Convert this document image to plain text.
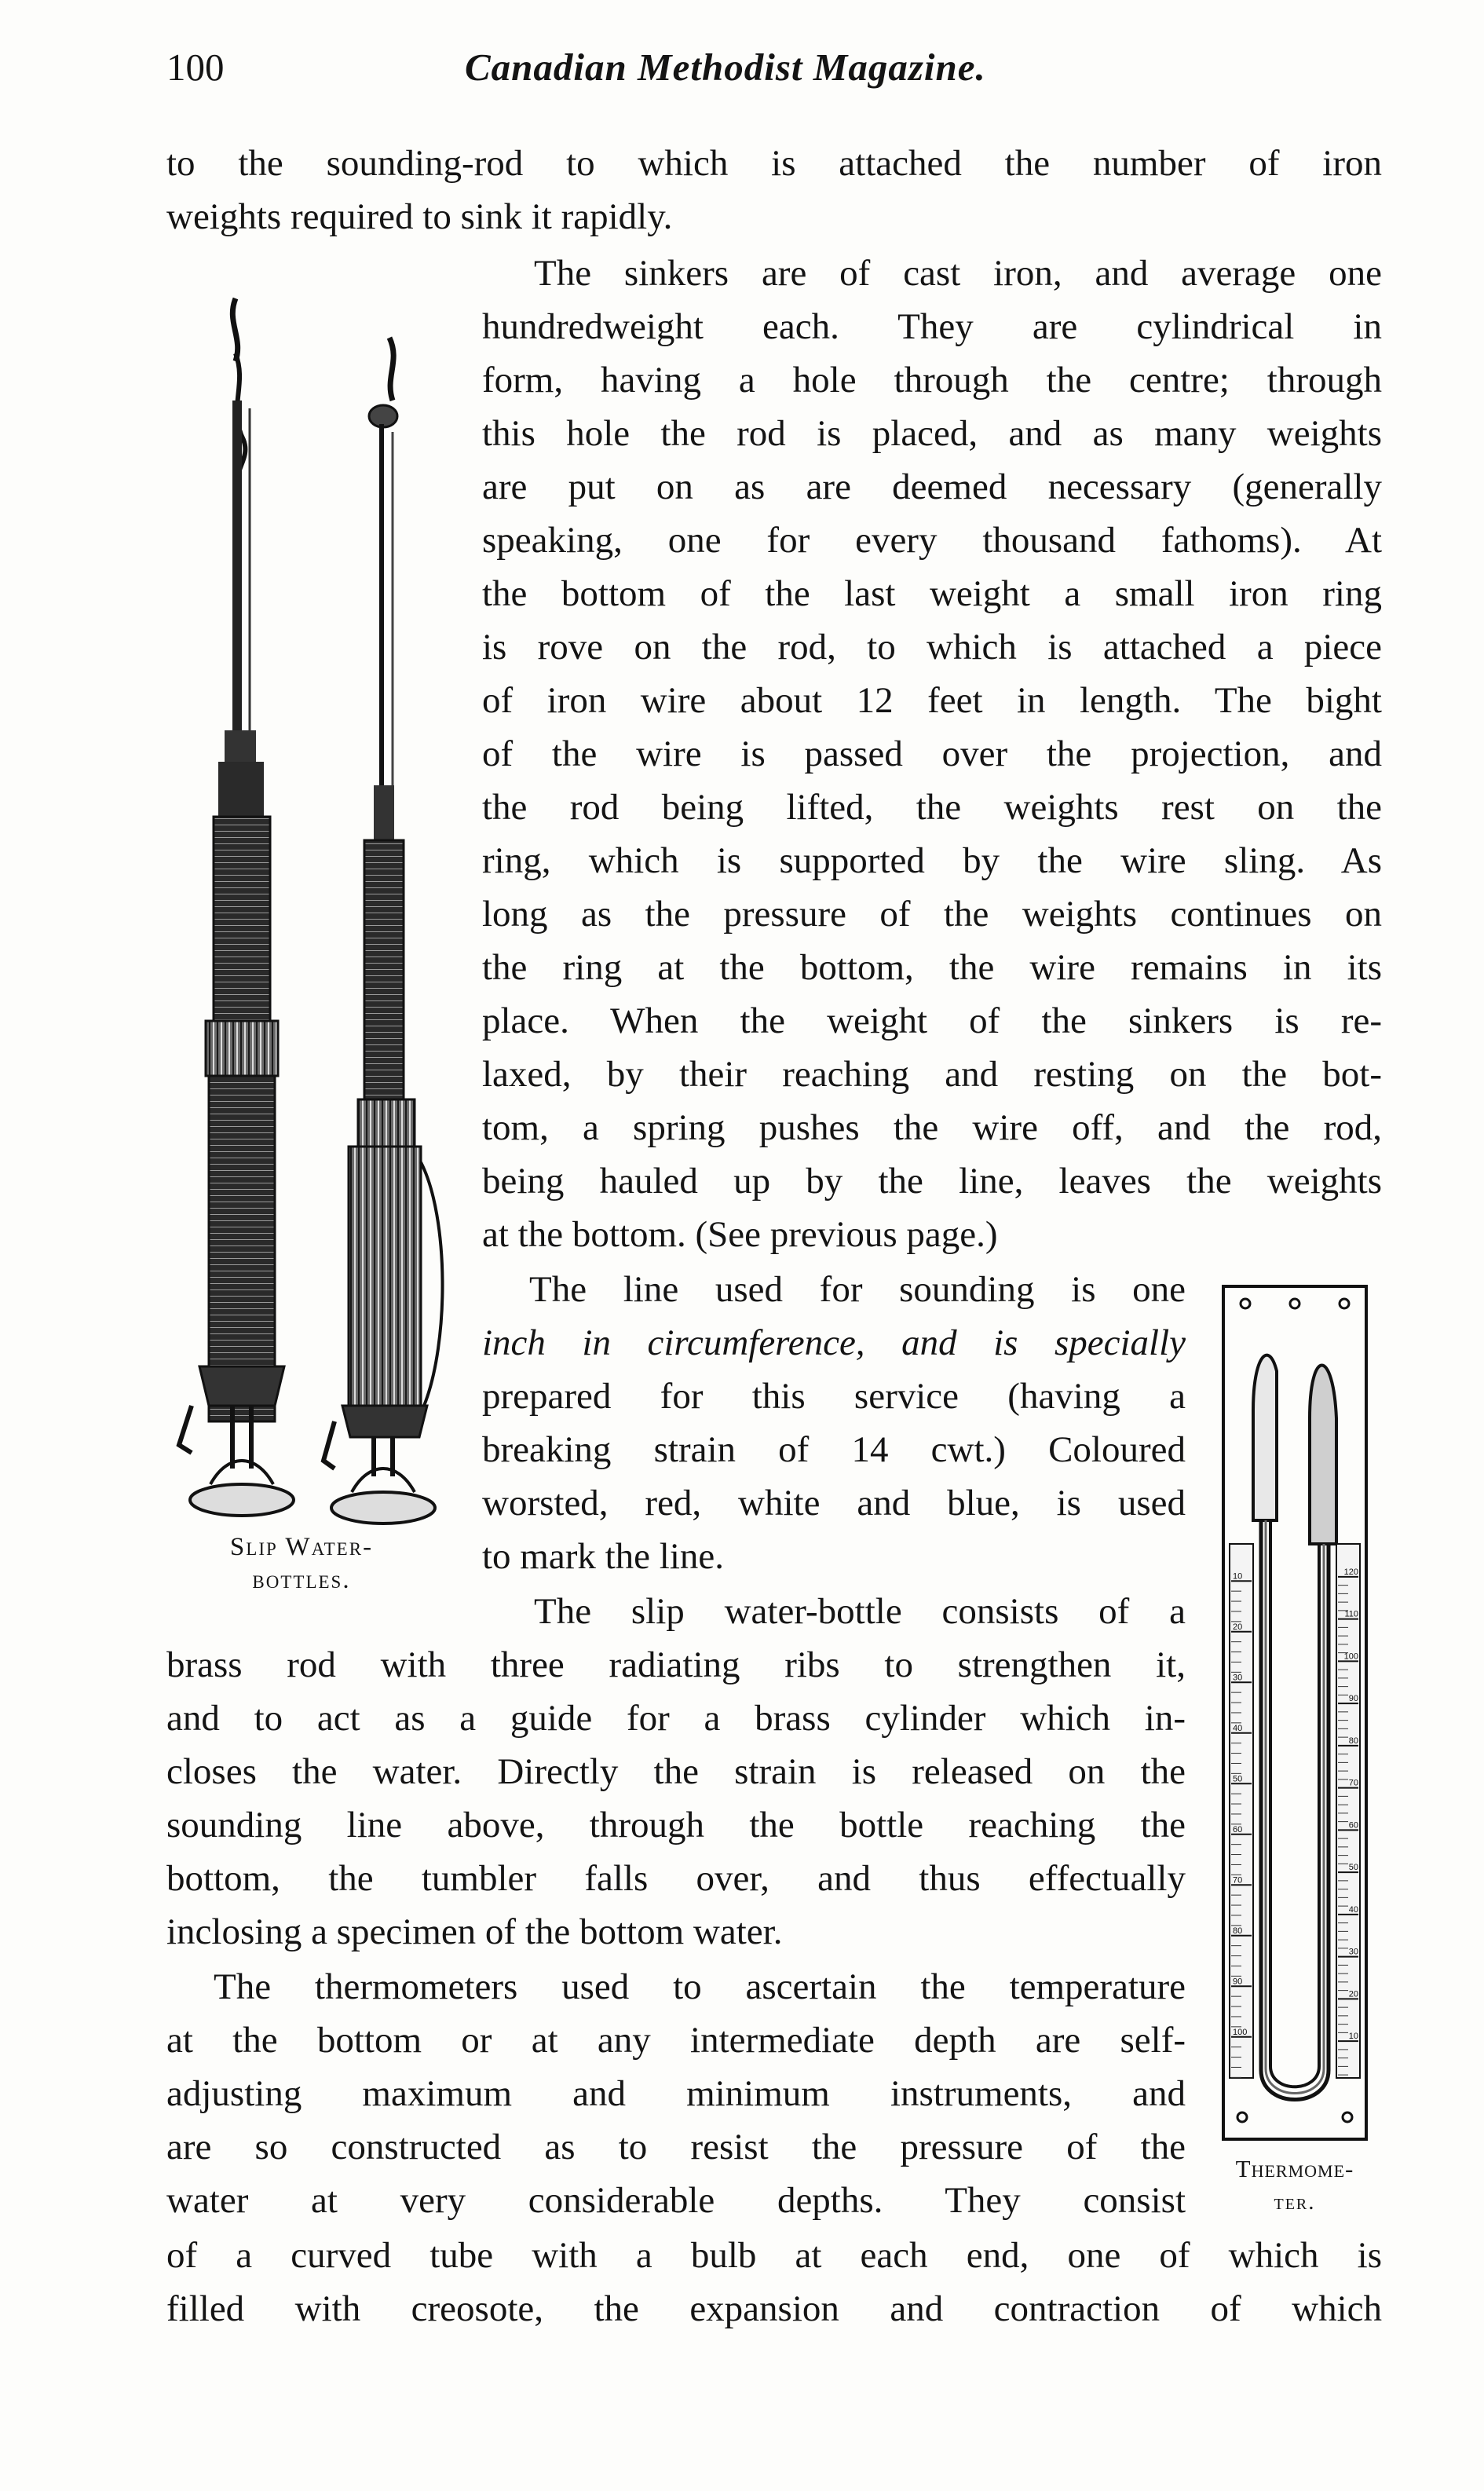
100	Canadian Methodist Magazine.

to the sounding-rod to which is attached the number of iron

weights required to sink it rapidly.

The sinkers are of cast iron, and average one

hundredweight each. They are cylindrical in

form, having a hole through the centre; through

this hole the rod is placed, and as many weights

are put on as are deemed necessary (generally

speaking, one for every thousand fathoms). At

the bottom of the last weight a small iron ring

is rove on the rod, to which is attached a piece

of iron wire about 12 feet in length. The bight

of the wire is passed over the projection, and

the rod being lifted, the weights rest on the

ring, which is supported by the wire sling. As

long as the pressure of the weights continues on

the ring at the bottom, the wire remains in its

place. When the weight of the sinkers is re-

laxed, by their reaching and resting on the bot-

tom, a spring pushes the wire off, and the rod,

being hauled up by the line, leaves the weights

at the bottom. (See previous page.)

The line used for sounding is one

inch in circumference, and is specially

prepared for this service (having a

breaking strain of 14 cwt.) Coloured

worsted, red, white and blue, is used

to mark the line.

The slip water-bottle consists of a

brass rod with three radiating ribs to strengthen it,

and to act as a guide for a brass cylinder which in-

closes the water. Directly the strain is released on the

sounding line above, through the bottle reaching the

bottom, the tumbler falls over, and thus effectually

inclosing a specimen of the bottom water.

The thermometers used to ascertain the temperature

at the bottom or at any intermediate depth are self-

adjusting maximum and minimum instruments, and

are so constructed as to resist the pressure of the

water at very considerable depths. They consist

of a curved tube with a bulb at each end, one of which is

filled with creosote, the expansion and contraction of which

Slip Water-

bottles.	10
20
30
40
50
60
70
80
90
100
120
110
100
90
80
70
60
50
40
30
20
10

Thermome-

ter.
